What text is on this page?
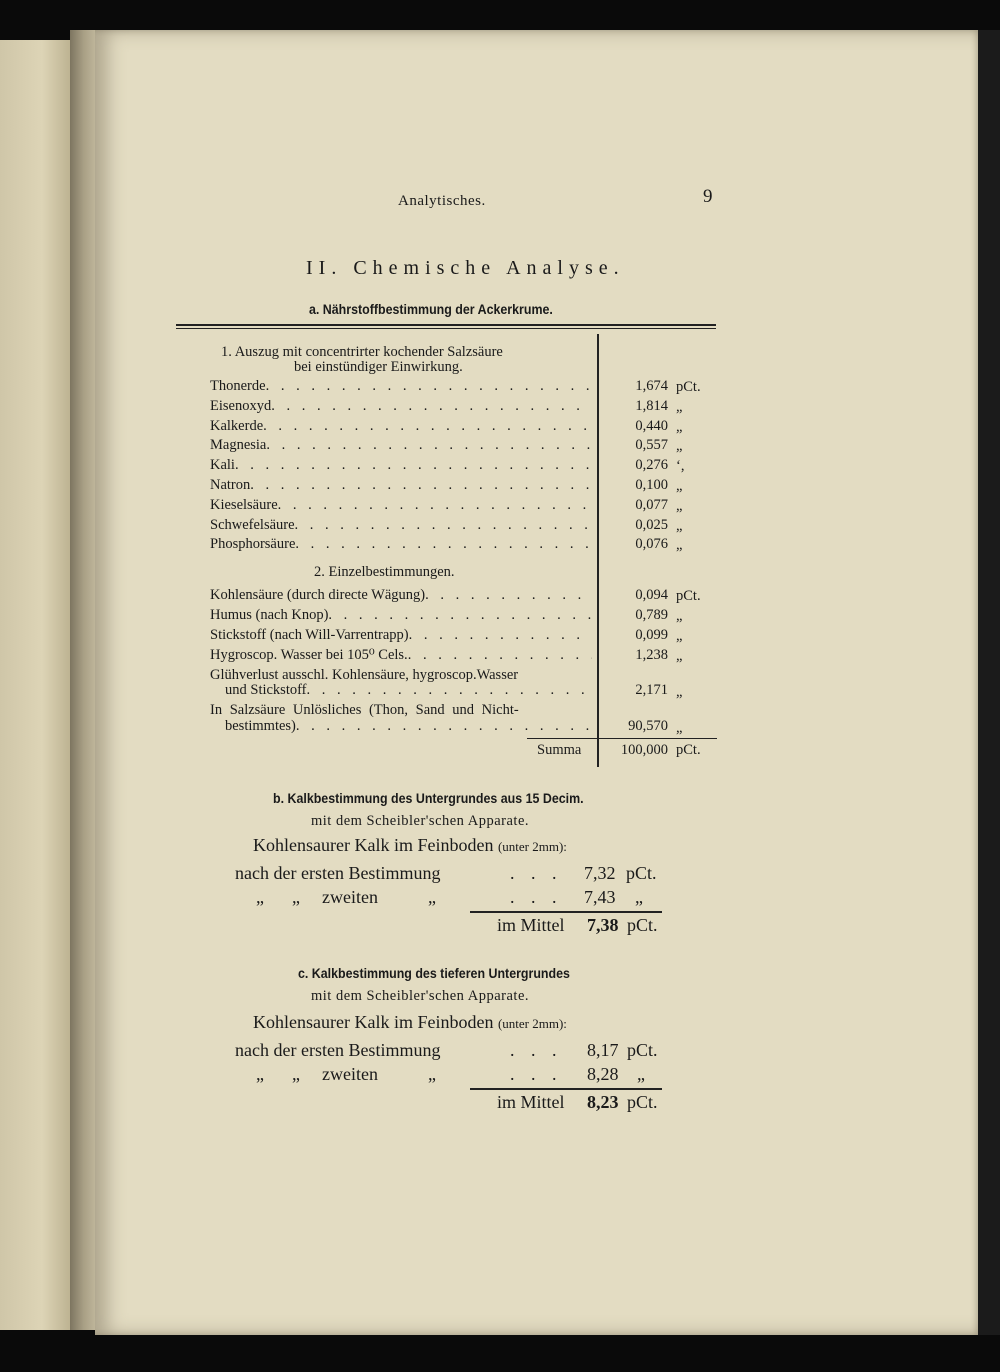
Analytisches.	9
II. Chemische Analyse.
a. Nährstoffbestimmung der Ackerkrume.
1. Auszug mit concentrirter kochender Salzsäure
bei einstündiger Einwirkung.
Thonerde . . .	1,674 pCt.
Eisenoxyd . . .	1,814 „
Kalkerde . . .	0,440 „
Magnesia . . .	0,557 „
Kali . . .	0,276 ‘,
Natron . . .	0,100 „
Kieselsäure . . .	0,077 „
Schwefelsäure . . .	0,025 „
Phosphorsäure . . .	0,076 „
2. Einzelbestimmungen.
Kohlensäure (durch directe Wägung) . . .	0,094 pCt.
Humus (nach Knop) . . .	0,789 „
Stickstoff (nach Will-Varrentrapp) . . .	0,099 „
Hygroscop. Wasser bei 105⁰ Cels. . . .	1,238 „
Glühverlust ausschl. Kohlensäure, hygroscop.Wasser
und Stickstoff . . .	2,171 „
In Salzsäure Unlösliches (Thon, Sand und Nicht-
bestimmtes) . . .	90,570 „
Summa	100,000 pCt.
b. Kalkbestimmung des Untergrundes aus 15 Decim.
mit dem Scheibler'schen Apparate.
Kohlensaurer Kalk im Feinboden (unter 2mm):
nach der ersten Bestimmung	. . . 7,32 pCt.
„ „ zweiten	„	. . . 7,43 „
im Mittel 7,38 pCt.
c. Kalkbestimmung des tieferen Untergrundes
mit dem Scheibler'schen Apparate.
Kohlensaurer Kalk im Feinboden (unter 2mm):
nach der ersten Bestimmung	. . . 8,17 pCt.
„ „ zweiten	„	. . . 8,28 „
im Mittel 8,23 pCt.
